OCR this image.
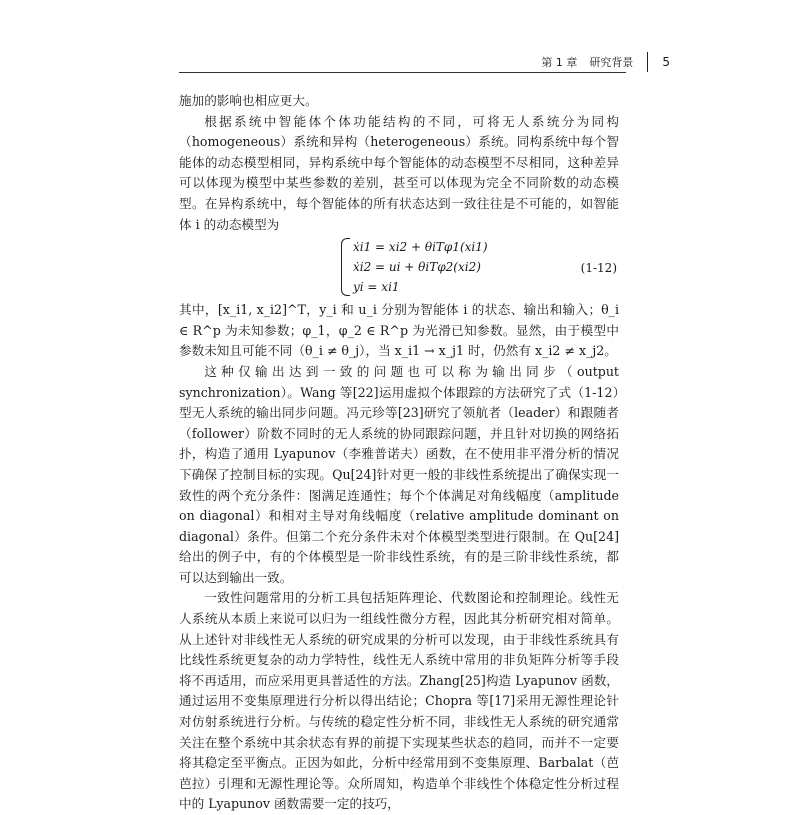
第 1 章 研究背景 5

施加的影响也相应更大。

根据系统中智能体个体功能结构的不同，可将无人系统分为同构（homogeneous）系统和异构（heterogeneous）系统。同构系统中每个智能体的动态模型相同，异构系统中每个智能体的动态模型不尽相同，这种差异可以体现为模型中某些参数的差别，甚至可以体现为完全不同阶数的动态模型。在异构系统中，每个智能体的所有状态达到一致往往是不可能的，如智能体 i 的动态模型为

ẋi1 = xi2 + θiTφ1(xi1)
ẋi2 = ui + θiTφ2(xi2)
yi = xi1
(1-12)

其中，[x_i1, x_i2]^T，y_i 和 u_i 分别为智能体 i 的状态、输出和输入；θ_i ∈ R^p 为未知参数；φ_1，φ_2 ∈ R^p 为光滑已知参数。显然，由于模型中参数未知且可能不同（θ_i ≠ θ_j），当 x_i1 → x_j1 时，仍然有 x_i2 ≠ x_j2。

这种仅输出达到一致的问题也可以称为输出同步（output synchronization）。Wang 等[22]运用虚拟个体跟踪的方法研究了式（1-12）型无人系统的输出同步问题。冯元珍等[23]研究了领航者（leader）和跟随者（follower）阶数不同时的无人系统的协同跟踪问题，并且针对切换的网络拓扑，构造了通用 Lyapunov（李雅普诺夫）函数，在不使用非平滑分析的情况下确保了控制目标的实现。Qu[24]针对更一般的非线性系统提出了确保实现一致性的两个充分条件：图满足连通性；每个个体满足对角线幅度（amplitude on diagonal）和相对主导对角线幅度（relative amplitude dominant on diagonal）条件。但第二个充分条件未对个体模型类型进行限制。在 Qu[24]给出的例子中，有的个体模型是一阶非线性系统，有的是三阶非线性系统，都可以达到输出一致。

一致性问题常用的分析工具包括矩阵理论、代数图论和控制理论。线性无人系统从本质上来说可以归为一组线性微分方程，因此其分析研究相对简单。从上述针对非线性无人系统的研究成果的分析可以发现，由于非线性系统具有比线性系统更复杂的动力学特性，线性无人系统中常用的非负矩阵分析等手段将不再适用，而应采用更具普适性的方法。Zhang[25]构造 Lyapunov 函数，通过运用不变集原理进行分析以得出结论；Chopra 等[17]采用无源性理论针对仿射系统进行分析。与传统的稳定性分析不同，非线性无人系统的研究通常关注在整个系统中其余状态有界的前提下实现某些状态的趋同，而并不一定要将其稳定至平衡点。正因为如此，分析中经常用到不变集原理、Barbalat（芭芭拉）引理和无源性理论等。众所周知，构造单个非线性个体稳定性分析过程中的 Lyapunov 函数需要一定的技巧，
